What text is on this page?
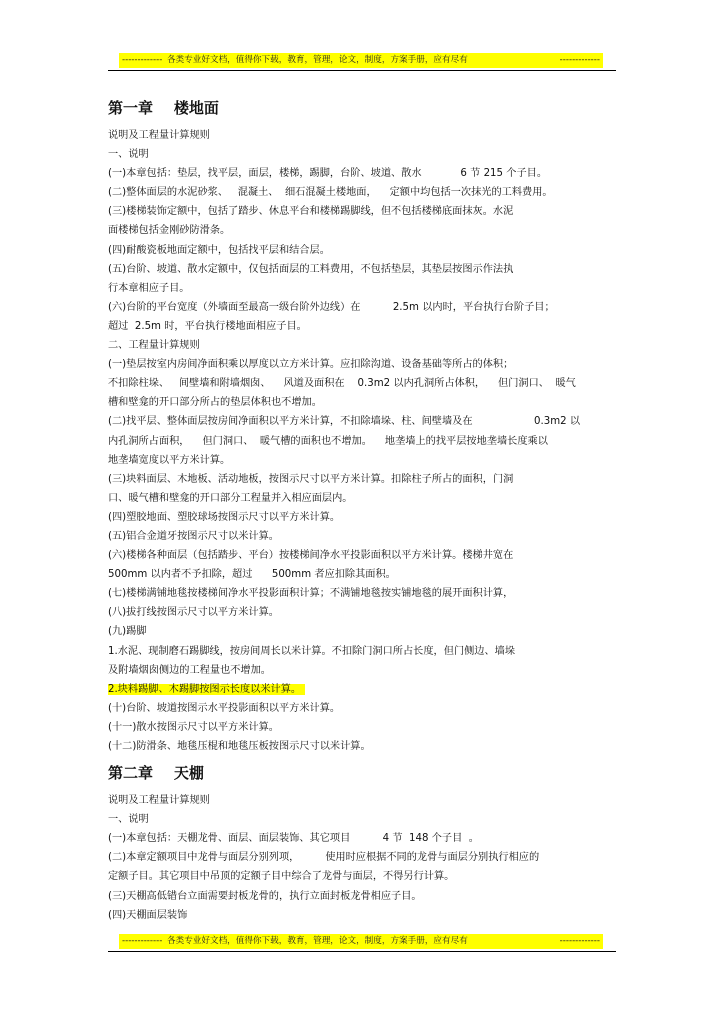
------------- 各类专业好文档，值得你下载，教育，管理，论文，制度，方案手册，应有尽有	-------------
第一章    楼地面
说明及工程量计算规则
一、说明
(一)本章包括：垫层，找平层，面层，楼梯，踢脚，台阶、坡道、散水            6 节 215 个子目。
(二)整体面层的水泥砂浆、   混凝土、  细石混凝土楼地面，    定额中均包括一次抹光的工料费用。
(三)楼梯装饰定额中，包括了踏步、休息平台和楼梯踢脚线，但不包括楼梯底面抹灰。水泥
面楼梯包括金刚砂防滑条。
(四)耐酸瓷板地面定额中，包括找平层和结合层。
(五)台阶、坡道、散水定额中，仅包括面层的工料费用，不包括垫层，其垫层按图示作法执
行本章相应子目。
(六)台阶的平台宽度（外墙面至最高一级台阶外边线）在          2.5m 以内时，平台执行台阶子目；
超过  2.5m 时，平台执行楼地面相应子目。
二、工程量计算规则
(一)垫层按室内房间净面积乘以厚度以立方米计算。应扣除沟道、设备基础等所占的体积；
不扣除柱垛、   间壁墙和附墙烟囱、    风道及面积在    0.3m2 以内孔洞所占体积，    但门洞口、  暖气
槽和壁龛的开口部分所占的垫层体积也不增加。
(二)找平层、整体面层按房间净面积以平方米计算，不扣除墙垛、柱、间壁墙及在                   0.3m2 以
内孔洞所占面积，    但门洞口、  暖气槽的面积也不增加。    地垄墙上的找平层按地垄墙长度乘以
地垄墙宽度以平方米计算。
(三)块料面层、木地板、活动地板，按图示尺寸以平方米计算。扣除柱子所占的面积，门洞
口、暖气槽和壁龛的开口部分工程量并入相应面层内。
(四)塑胶地面、塑胶球场按图示尺寸以平方米计算。
(五)铝合金道牙按图示尺寸以米计算。
(六)楼梯各种面层（包括踏步、平台）按楼梯间净水平投影面积以平方米计算。楼梯井宽在
500mm 以内者不予扣除，超过      500mm 者应扣除其面积。
(七)楼梯满铺地毯按楼梯间净水平投影面积计算；不满铺地毯按实铺地毯的展开面积计算，
(八)拔打线按图示尺寸以平方米计算。
(九)踢脚
1.水泥、现制磨石踢脚线，按房间周长以米计算。不扣除门洞口所占长度，但门侧边、墙垛
及附墙烟囱侧边的工程量也不增加。
2.块料踢脚、木踢脚按图示长度以米计算。
(十)台阶、坡道按图示水平投影面积以平方米计算。
(十一)散水按图示尺寸以平方米计算。
(十二)防滑条、地毯压棍和地毯压板按图示尺寸以米计算。
第二章    天棚
说明及工程量计算规则
一、说明
(一)本章包括：天棚龙骨、面层、面层装饰、其它项目          4 节  148 个子目  。
(二)本章定额项目中龙骨与面层分别列项，        使用时应根据不同的龙骨与面层分别执行相应的
定额子目。其它项目中吊顶的定额子目中综合了龙骨与面层，不得另行计算。
(三)天棚高低错台立面需要封板龙骨的，执行立面封板龙骨相应子目。
(四)天棚面层装饰
------------- 各类专业好文档，值得你下载，教育，管理，论文，制度，方案手册，应有尽有	-------------
